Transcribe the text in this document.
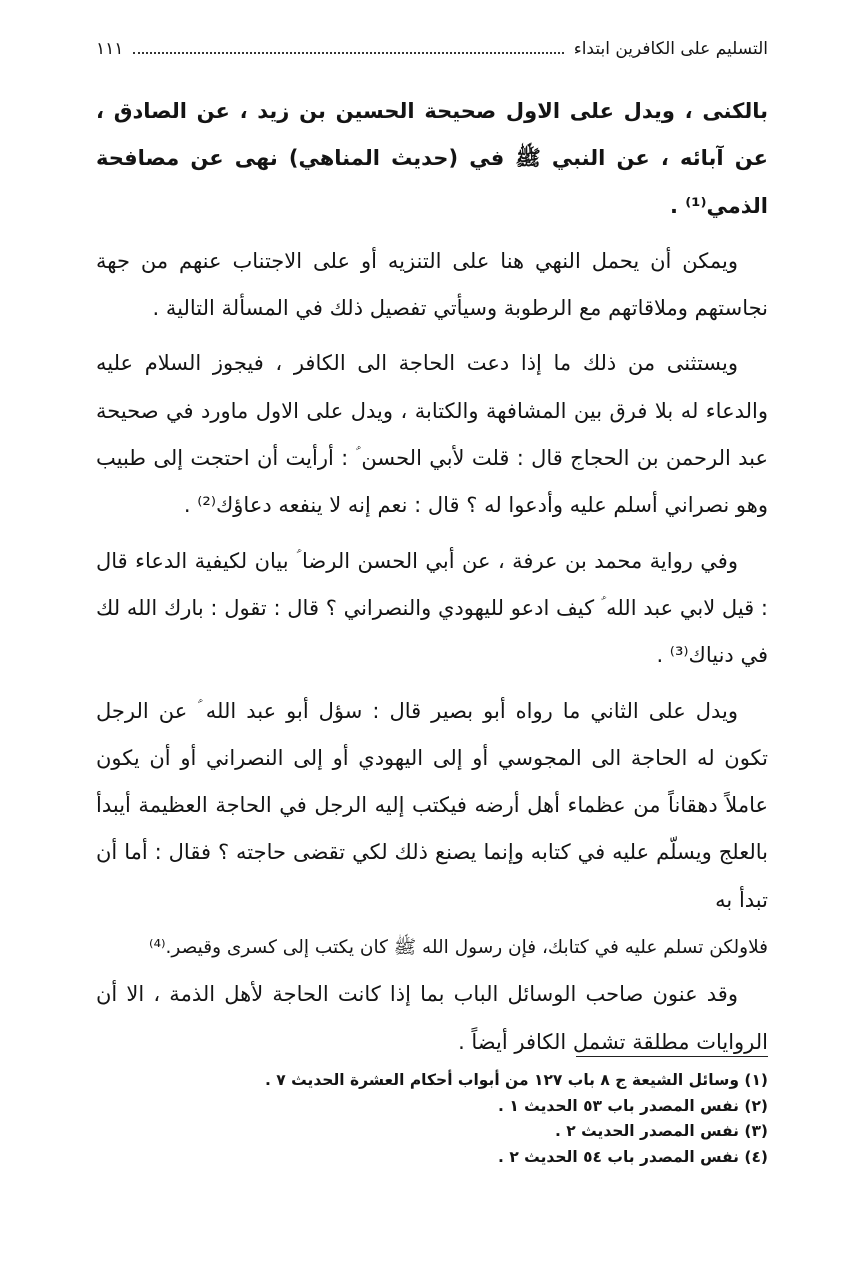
التسليم على الكافرين ابتداء
١١١

بالكنى ، ويدل على الاول صحيحة الحسين بن زيد ، عن الصادق ، عن آبائه ، عن النبي ﷺ في (حديث المناهي) نهى عن مصافحة الذمي⁽¹⁾ .

ويمكن أن يحمل النهي هنا على التنزيه أو على الاجتناب عنهم من جهة نجاستهم وملاقاتهم مع الرطوبة وسيأتي تفصيل ذلك في المسألة التالية .

ويستثنى من ذلك ما إذا دعت الحاجة الى الكافر ، فيجوز السلام عليه والدعاء له بلا فرق بين المشافهة والكتابة ، ويدل على الاول ماورد في صحيحة عبد الرحمن بن الحجاج قال : قلت لأبي الحسن ؑ : أرأيت أن احتجت إلى طبيب وهو نصراني أسلم عليه وأدعوا له ؟ قال : نعم إنه لا ينفعه دعاؤك⁽²⁾ .

وفي رواية محمد بن عرفة ، عن أبي الحسن الرضا ؑ بيان لكيفية الدعاء قال : قيل لابي عبد الله ؑ كيف ادعو لليهودي والنصراني ؟ قال : تقول : بارك الله لك في دنياك⁽³⁾ .

ويدل على الثاني ما رواه أبو بصير قال : سؤل أبو عبد الله ؑ عن الرجل تكون له الحاجة الى المجوسي أو إلى اليهودي أو إلى النصراني أو أن يكون عاملاً دهقاناً من عظماء أهل أرضه فيكتب إليه الرجل في الحاجة العظيمة أيبدأ بالعلج ويسلّم عليه في كتابه وإنما يصنع ذلك لكي تقضى حاجته ؟ فقال : أما أن تبدأ به

فلاولكن تسلم عليه في كتابك، فإن رسول الله ﷺ كان يكتب إلى كسرى وقيصر.⁽⁴⁾

وقد عنون صاحب الوسائل الباب بما إذا كانت الحاجة لأهل الذمة ، الا أن الروايات مطلقة تشمل الكافر أيضاً .

(١) وسائل الشيعة ج ٨ باب ١٢٧ من أبواب أحكام العشرة الحديث ٧ .
(٢) نفس المصدر باب ٥٣ الحديث ١ .
(٣) نفس المصدر الحديث ٢ .
(٤) نفس المصدر باب ٥٤ الحديث ٢ .
